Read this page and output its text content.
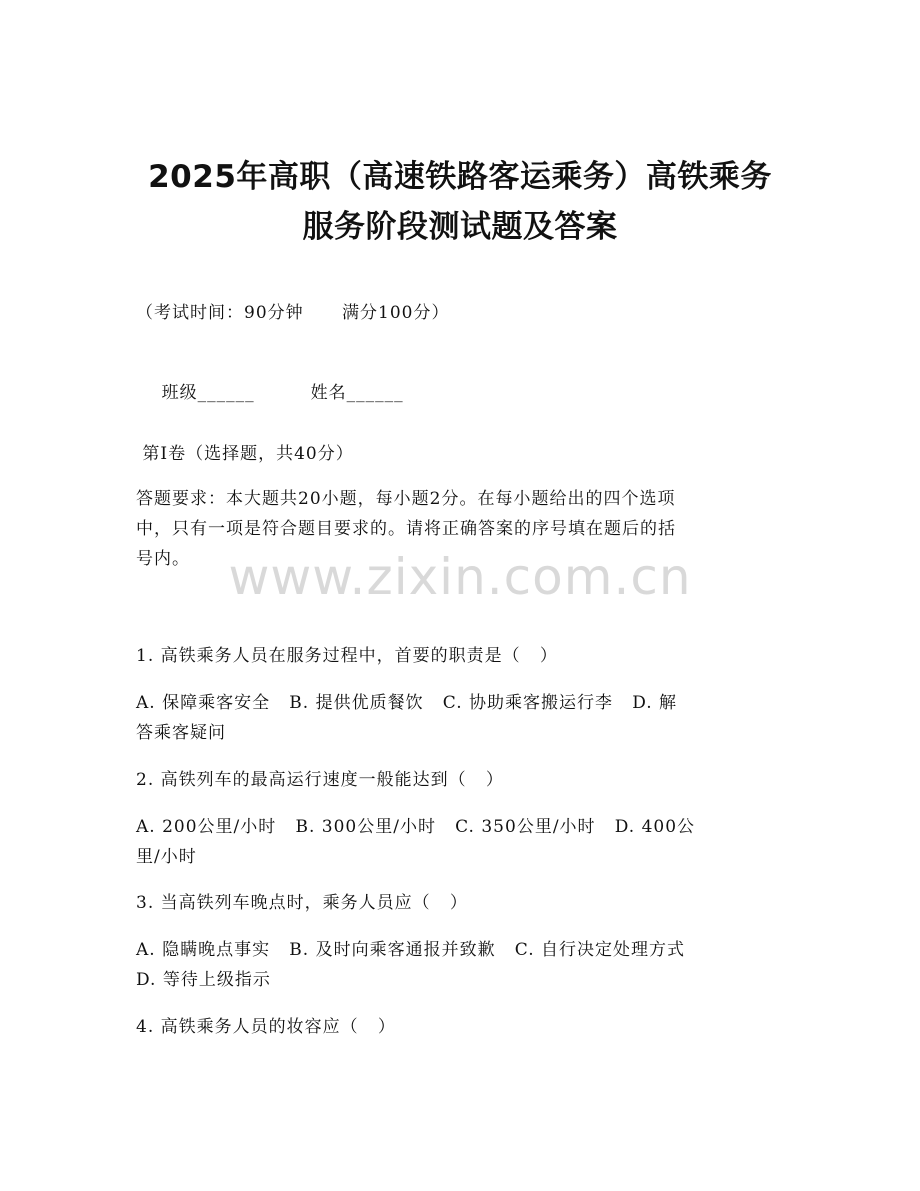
2025年高职（高速铁路客运乘务）高铁乘务
服务阶段测试题及答案
（考试时间：90分钟      满分100分）

班级______	姓名______

第Ⅰ卷（选择题，共40分）
答题要求：本大题共20小题，每小题2分。在每小题给出的四个选项
中，只有一项是符合题目要求的。请将正确答案的序号填在题后的括
号内。 www.zixin.com.cn
1. 高铁乘务人员在服务过程中，首要的职责是（   ）
A. 保障乘客安全   B. 提供优质餐饮   C. 协助乘客搬运行李   D. 解
答乘客疑问
2. 高铁列车的最高运行速度一般能达到（   ）
A. 200公里/小时   B. 300公里/小时   C. 350公里/小时   D. 400公
里/小时
3. 当高铁列车晚点时，乘务人员应（   ）
A. 隐瞒晚点事实   B. 及时向乘客通报并致歉   C. 自行决定处理方式
D. 等待上级指示
4. 高铁乘务人员的妆容应（   ）
